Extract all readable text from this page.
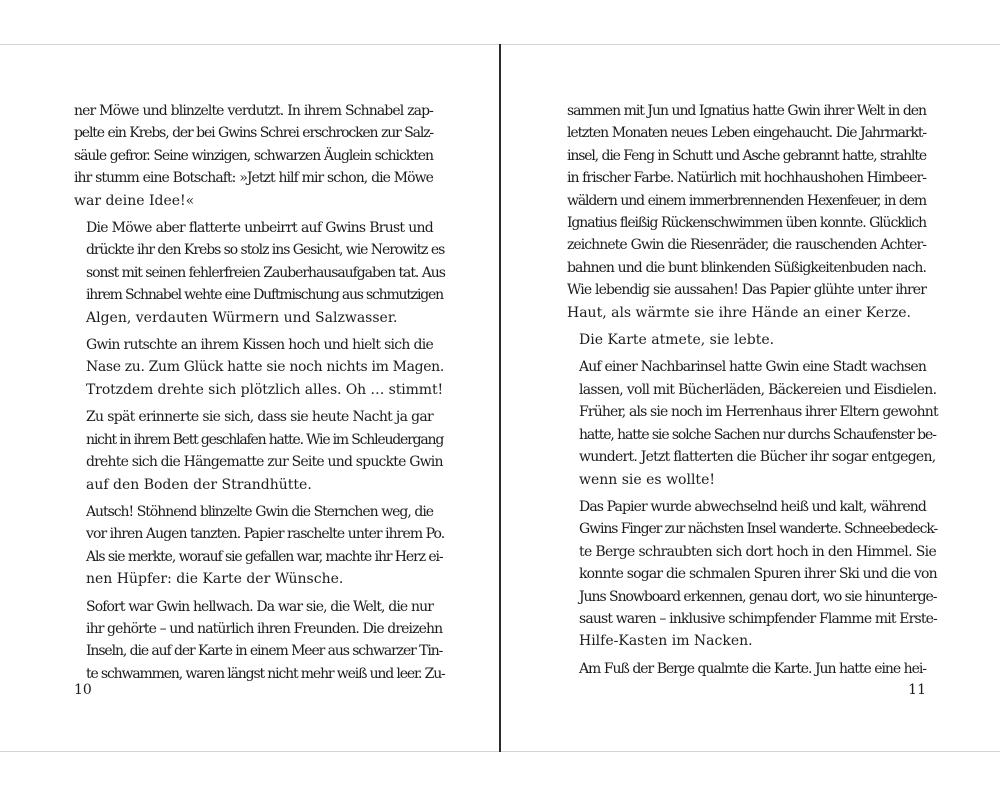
ner Möwe und blinzelte verdutzt. In ihrem Schnabel zap-
pelte ein Krebs, der bei Gwins Schrei erschrocken zur Salz-
säule gefror. Seine winzigen, schwarzen Äuglein schickten
ihr stumm eine Botschaft: »Jetzt hilf mir schon, die Möwe
war deine Idee!«

Die Möwe aber flatterte unbeirrt auf Gwins Brust und
drückte ihr den Krebs so stolz ins Gesicht, wie Nerowitz es
sonst mit seinen fehlerfreien Zauberhausaufgaben tat. Aus
ihrem Schnabel wehte eine Duftmischung aus schmutzigen
Algen, verdauten Würmern und Salzwasser.

Gwin rutschte an ihrem Kissen hoch und hielt sich die
Nase zu. Zum Glück hatte sie noch nichts im Magen.
Trotzdem drehte sich plötzlich alles. Oh … stimmt!

Zu spät erinnerte sie sich, dass sie heute Nacht ja gar
nicht in ihrem Bett geschlafen hatte. Wie im Schleudergang
drehte sich die Hängematte zur Seite und spuckte Gwin
auf den Boden der Strandhütte.

Autsch! Stöhnend blinzelte Gwin die Sternchen weg, die
vor ihren Augen tanzten. Papier raschelte unter ihrem Po.
Als sie merkte, worauf sie gefallen war, machte ihr Herz ei-
nen Hüpfer: die Karte der Wünsche.

Sofort war Gwin hellwach. Da war sie, die Welt, die nur
ihr gehörte – und natürlich ihren Freunden. Die dreizehn
Inseln, die auf der Karte in einem Meer aus schwarzer Tin-
te schwammen, waren längst nicht mehr weiß und leer. Zu-

10

sammen mit Jun und Ignatius hatte Gwin ihrer Welt in den
letzten Monaten neues Leben eingehaucht. Die Jahrmarkt-
insel, die Feng in Schutt und Asche gebrannt hatte, strahlte
in frischer Farbe. Natürlich mit hochhaushohen Himbeer-
wäldern und einem immerbrennenden Hexenfeuer, in dem
Ignatius fleißig Rückenschwimmen üben konnte. Glücklich
zeichnete Gwin die Riesenräder, die rauschenden Achter-
bahnen und die bunt blinkenden Süßigkeitenbuden nach.
Wie lebendig sie aussahen! Das Papier glühte unter ihrer
Haut, als wärmte sie ihre Hände an einer Kerze.

Die Karte atmete, sie lebte.

Auf einer Nachbarinsel hatte Gwin eine Stadt wachsen
lassen, voll mit Bücherläden, Bäckereien und Eisdielen.
Früher, als sie noch im Herrenhaus ihrer Eltern gewohnt
hatte, hatte sie solche Sachen nur durchs Schaufenster be-
wundert. Jetzt flatterten die Bücher ihr sogar entgegen,
wenn sie es wollte!

Das Papier wurde abwechselnd heiß und kalt, während
Gwins Finger zur nächsten Insel wanderte. Schneebedeck-
te Berge schraubten sich dort hoch in den Himmel. Sie
konnte sogar die schmalen Spuren ihrer Ski und die von
Juns Snowboard erkennen, genau dort, wo sie hinunterge-
saust waren – inklusive schimpfender Flamme mit Erste-
Hilfe-Kasten im Nacken.

Am Fuß der Berge qualmte die Karte. Jun hatte eine hei-

11
